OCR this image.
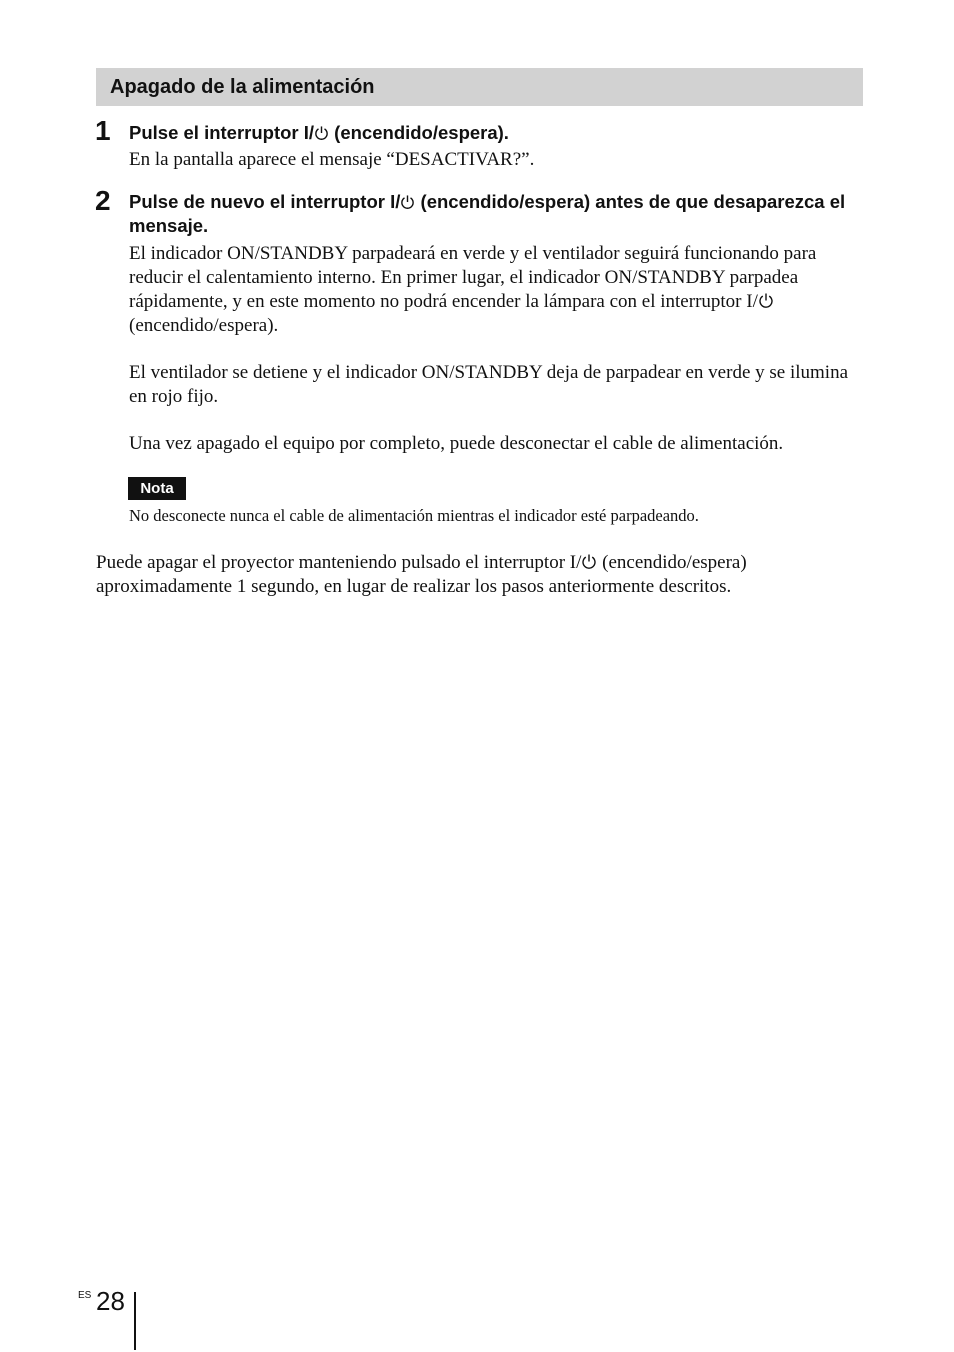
Apagado de la alimentación
1 Pulse el interruptor I/ (encendido/espera).
En la pantalla aparece el mensaje “DESACTIVAR?”.
2 Pulse de nuevo el interruptor I/ (encendido/espera) antes de que desaparezca el mensaje.
El indicador ON/STANDBY parpadeará en verde y el ventilador seguirá funcionando para reducir el calentamiento interno. En primer lugar, el indicador ON/STANDBY parpadea rápidamente, y en este momento no podrá encender la lámpara con el interruptor I/ (encendido/espera).
El ventilador se detiene y el indicador ON/STANDBY deja de parpadear en verde y se ilumina en rojo fijo.
Una vez apagado el equipo por completo, puede desconectar el cable de alimentación.
Nota
No desconecte nunca el cable de alimentación mientras el indicador esté parpadeando.
Puede apagar el proyector manteniendo pulsado el interruptor I/ (encendido/espera) aproximadamente 1 segundo, en lugar de realizar los pasos anteriormente descritos.
ES 28
